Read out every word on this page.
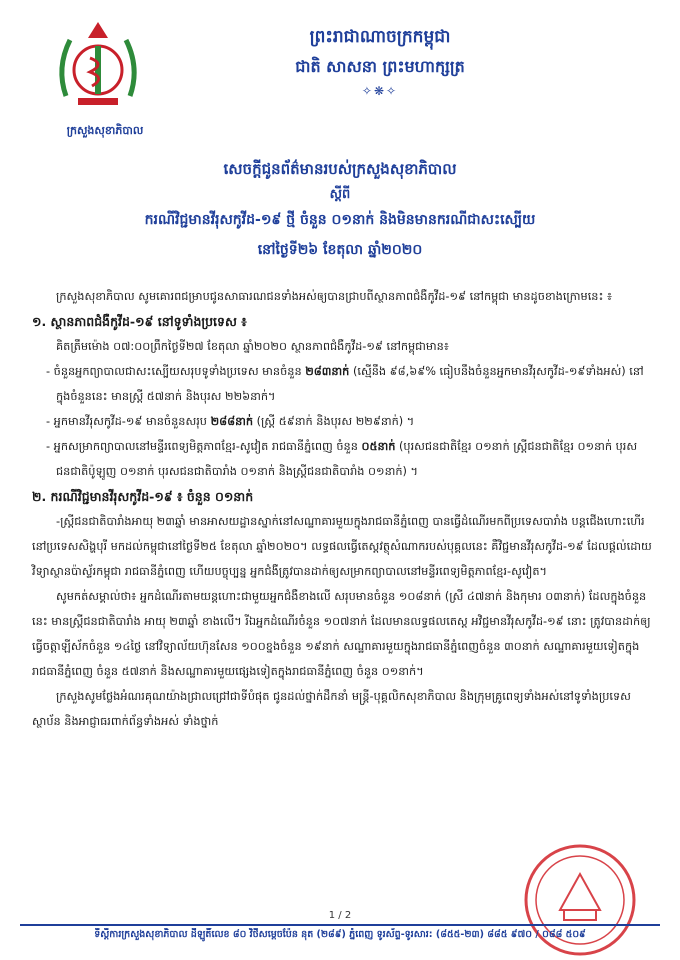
ក្រសួងសុខាភិបាល
ព្រះរាជាណាចក្រកម្ពុជា
ជាតិ សាសនា ព្រះមហាក្សត្រ
✧❋✧
សេចក្ដីជូនព័ត៌មានរបស់ក្រសួងសុខាភិបាល
ស្ដីពី
ករណីវិជ្ជមានវីរុសកូវីដ-១៩ ថ្មី ចំនួន ០១នាក់ និងមិនមានករណីជាសះស្បើយ
នៅថ្ងៃទី២៦ ខែតុលា ឆ្នាំ២០២០

ក្រសួងសុខាភិបាល សូមគោរពជម្រាបជូនសាធារណជនទាំងអស់ឲ្យបានជ្រាបពីស្ថានភាពជំងឺកូវីដ-១៩ នៅកម្ពុជា មានដូចខាងក្រោមនេះ ៖

១. ស្ថានភាពជំងឺកូវីដ-១៩ នៅទូទាំងប្រទេស ៖

គិតត្រឹមម៉ោង ០៧:០០ព្រឹកថ្ងៃទី២៧ ខែតុលា ឆ្នាំ២០២០ ស្ថានភាពជំងឺកូវីដ-១៩ នៅកម្ពុជាមាន៖

- ចំនួនអ្នកព្យាបាលជាសះស្បើយសរុបទូទាំងប្រទេស មានចំនួន ២៨៣នាក់ (ស្មើនឹង ៩៨,៦៩% ធៀបនឹងចំនួនអ្នកមានវីរុសកូវីដ-១៩ទាំងអស់) នៅក្នុងចំនួននេះ មានស្ត្រី ៥៧នាក់ និងបុរស ២២៦នាក់។

- អ្នកមានវីរុសកូវីដ-១៩ មានចំនួនសរុប ២៨៨នាក់ (ស្ត្រី ៥៩នាក់ និងបុរស ២២៩នាក់) ។

- អ្នកសម្រាកព្យាបាលនៅមន្ទីរពេទ្យមិត្តភាពខ្មែរ-សូវៀត រាជធានីភ្នំពេញ ចំនួន ០៥នាក់ (បុរសជនជាតិខ្មែរ ០១នាក់ ស្ត្រីជនជាតិខ្មែរ ០១នាក់ បុរសជនជាតិប៉ូឡូញ ០១នាក់ បុរសជនជាតិបារាំង ០១នាក់ និងស្ត្រីជនជាតិបារាំង ០១នាក់) ។

២. ករណីវិជ្ជមានវីរុសកូវីដ-១៩ ៖ ចំនួន ០១នាក់

-ស្ត្រីជនជាតិបារាំងអាយុ ២៣ឆ្នាំ មានអាសយដ្ឋានស្នាក់នៅសណ្ឋាគារមួយក្នុងរាជធានីភ្នំពេញ បានធ្វើដំណើរមកពីប្រទេសបារាំង បន្តជើងហោះហើរនៅប្រទេសសិង្ហបុរី មកដល់កម្ពុជានៅថ្ងៃទី២៥ ខែតុលា ឆ្នាំ២០២០។ លទ្ធផលធ្វើតេស្តវត្ថុសំណាករបស់បុគ្គលនេះ គឺវិជ្ជមានវីរុសកូវីដ-១៩ ដែលផ្ដល់ដោយវិទ្យាស្ថានប៉ាស្ទ័រកម្ពុជា រាជធានីភ្នំពេញ ហើយបច្ចុប្បន្ន អ្នកជំងឺត្រូវបានដាក់ឲ្យសម្រាកព្យាបាលនៅមន្ទីរពេទ្យមិត្តភាពខ្មែរ-សូវៀត។

សូមកត់សម្គាល់ថា៖ អ្នកដំណើរតាមយន្តហោះជាមួយអ្នកជំងឺខាងលើ សរុបមានចំនួន ១០៨នាក់ (ស្រី ៤៧នាក់ និងកុមារ ០៣នាក់) ដែលក្នុងចំនួននេះ មានស្ត្រីជនជាតិបារាំង អាយុ ២៣ឆ្នាំ ខាងលើ។ រីឯអ្នកដំណើរចំនួន ១០៧នាក់ ដែលមានលទ្ធផលតេស្ត អវិជ្ជមានវីរុសកូវីដ-១៩ នោះ ត្រូវបានដាក់ឲ្យធ្វើចត្តាឡីស័កចំនួន ១៤ថ្ងៃ នៅវិទ្យាល័យហ៊ុនសែន ១០០ខ្នងចំនួន ១៩នាក់ សណ្ឋាគារមួយក្នុងរាជធានីភ្នំពេញចំនួន ៣០នាក់ សណ្ឋាគារមួយទៀតក្នុងរាជធានីភ្នំពេញ ចំនួន ៥៧នាក់ និងសណ្ឋាគារមួយផ្សេងទៀតក្នុងរាជធានីភ្នំពេញ ចំនួន ០១នាក់។

ក្រសួងសូមថ្លែងអំណរគុណយ៉ាងជ្រាលជ្រៅជាទីបំផុត ជូនដល់ថ្នាក់ដឹកនាំ មន្ត្រី-បុគ្គលិកសុខាភិបាល និងក្រុមគ្រូពេទ្យទាំងអស់នៅទូទាំងប្រទេស ស្ថាប័ន និងអាជ្ញាធរពាក់ព័ន្ធទាំងអស់ ទាំងថ្នាក់

1 / 2
ទីស្ដីការក្រសួងសុខាភិបាល ដីឡូតិ៍លេខ ៨០ វិថីសម្ដេចប៉ែន នុត (២៨៩) ភ្នំពេញ ទូរស័ព្ទ-ទូរសារ: (៨៥៥-២៣) ៨៨៥ ៩៧០ / ០៨៨ ៥០៩
